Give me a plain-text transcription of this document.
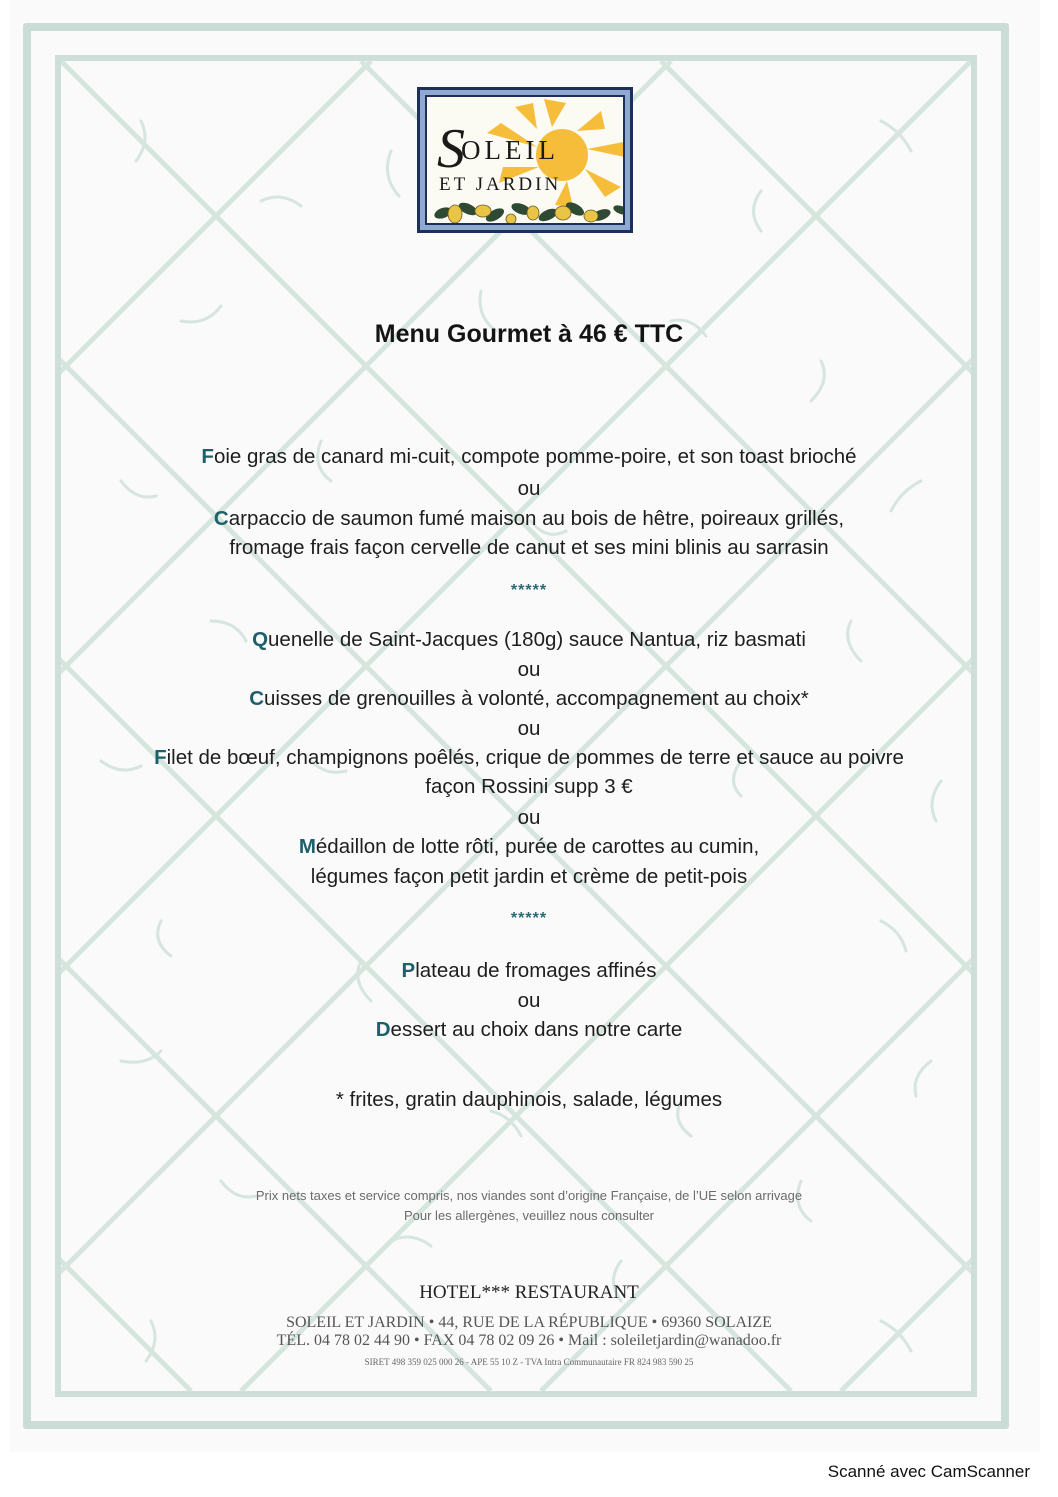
SOLEIL
ET JARDIN
Menu Gourmet à 46 € TTC
Foie gras de canard mi-cuit, compote pomme-poire, et son toast brioché
ou
Carpaccio de saumon fumé maison au bois de hêtre, poireaux grillés,
fromage frais façon cervelle de canut et ses mini blinis au sarrasin
*****
Quenelle de Saint-Jacques (180g) sauce Nantua, riz basmati
ou
Cuisses de grenouilles à volonté, accompagnement au choix*
ou
Filet de bœuf, champignons poêlés, crique de pommes de terre et sauce au poivre
façon Rossini supp 3 €
ou
Médaillon de lotte rôti, purée de carottes au cumin,
légumes façon petit jardin et crème de petit-pois
*****
Plateau de fromages affinés
ou
Dessert au choix dans notre carte
* frites, gratin dauphinois, salade, légumes
Prix nets taxes et service compris, nos viandes sont d’origine Française, de l’UE selon arrivage
Pour les allergènes, veuillez nous consulter
HOTEL*** RESTAURANT
SOLEIL ET JARDIN • 44, RUE DE LA RÉPUBLIQUE • 69360 SOLAIZE
TÉL. 04 78 02 44 90 • FAX 04 78 02 09 26 • Mail : soleiletjardin@wanadoo.fr
SIRET 498 359 025 000 26 - APE 55 10 Z - TVA Intra Communautaire FR 824 983 590 25
Scanné avec CamScanner
